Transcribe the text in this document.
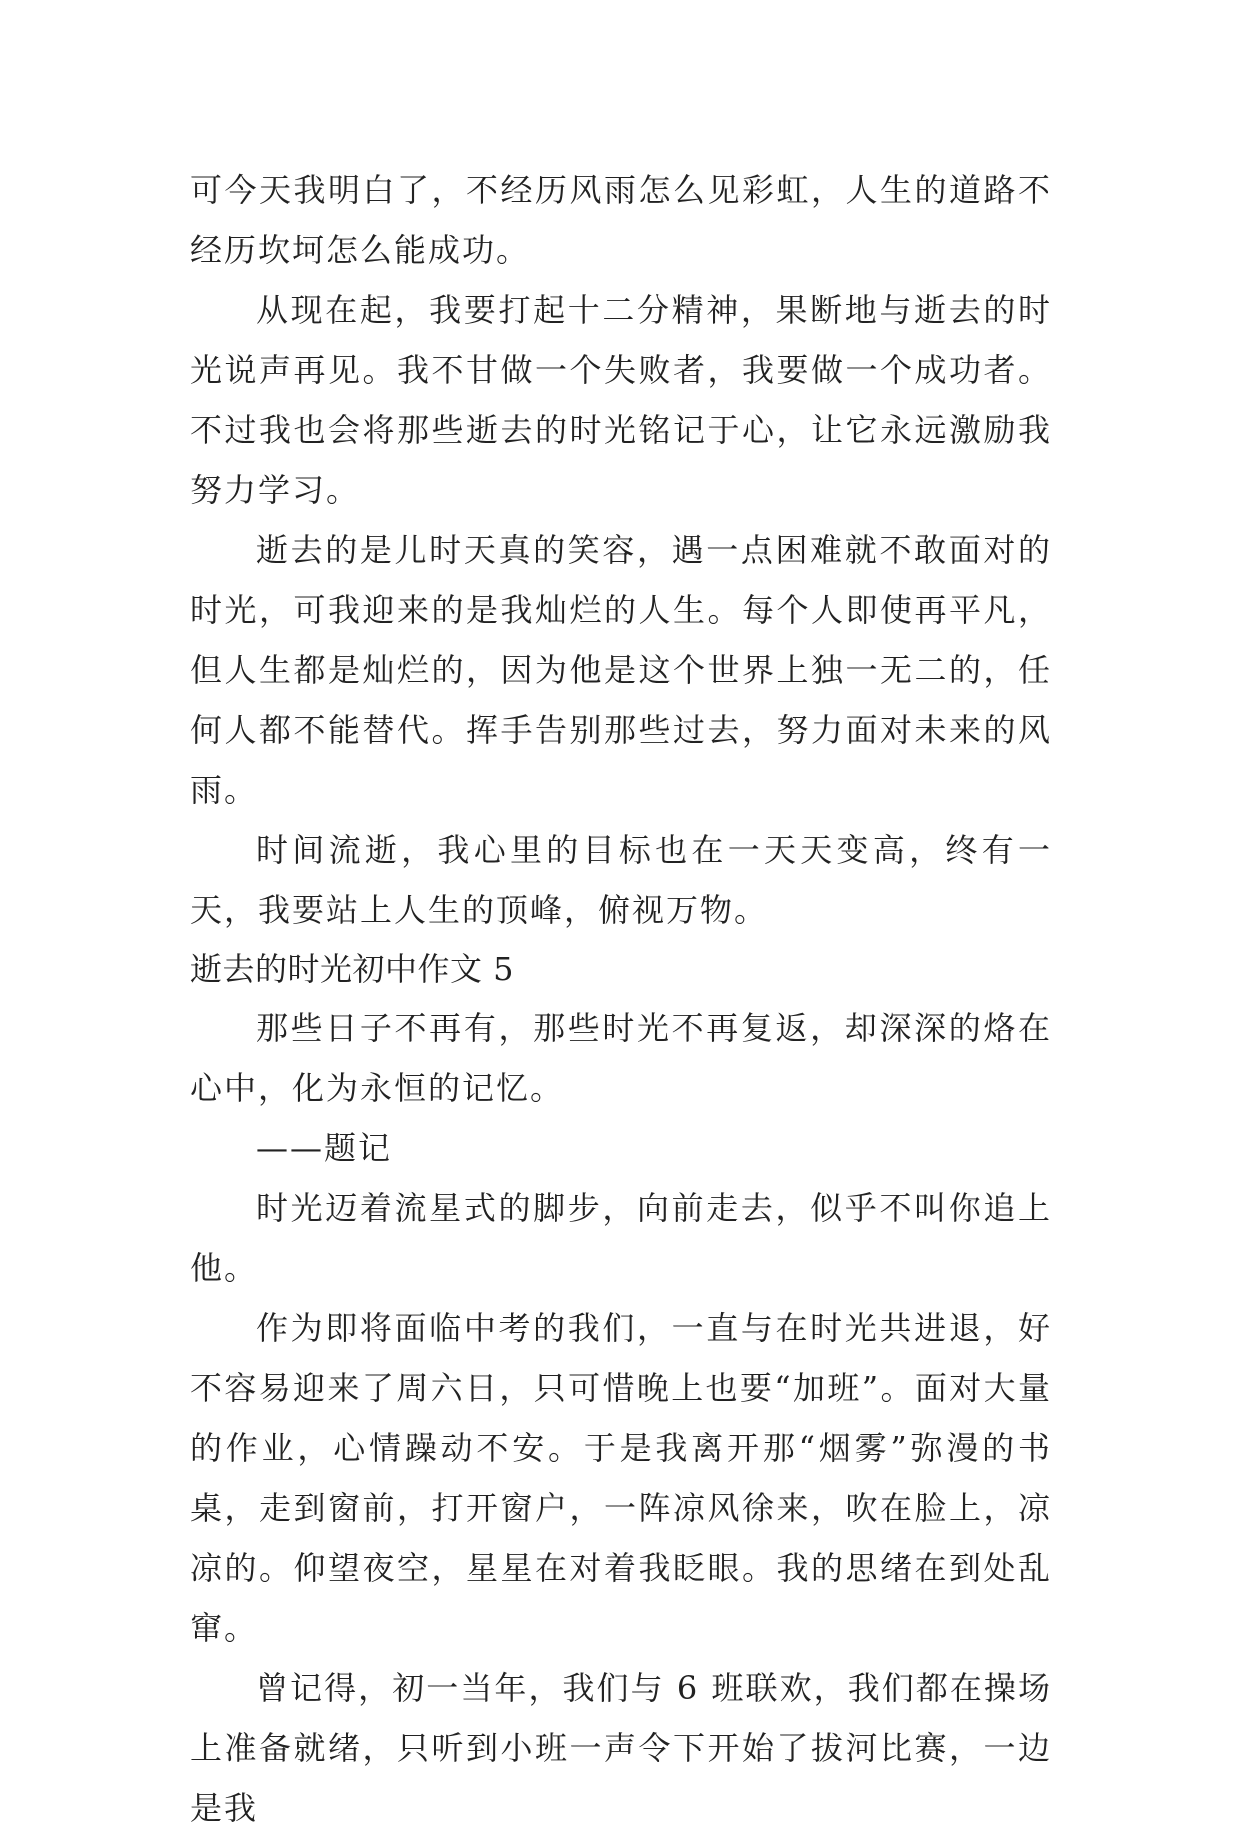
可今天我明白了，不经历风雨怎么见彩虹，人生的道路不经历坎坷怎么能成功。

从现在起，我要打起十二分精神，果断地与逝去的时光说声再见。我不甘做一个失败者，我要做一个成功者。不过我也会将那些逝去的时光铭记于心，让它永远激励我努力学习。

逝去的是儿时天真的笑容，遇一点困难就不敢面对的时光，可我迎来的是我灿烂的人生。每个人即使再平凡，但人生都是灿烂的，因为他是这个世界上独一无二的，任何人都不能替代。挥手告别那些过去，努力面对未来的风雨。

时间流逝，我心里的目标也在一天天变高，终有一天，我要站上人生的顶峰，俯视万物。

逝去的时光初中作文 5

那些日子不再有，那些时光不再复返，却深深的烙在心中，化为永恒的记忆。

——题记

时光迈着流星式的脚步，向前走去，似乎不叫你追上他。

作为即将面临中考的我们，一直与在时光共进退，好不容易迎来了周六日，只可惜晚上也要“加班”。面对大量的作业，心情躁动不安。于是我离开那“烟雾”弥漫的书桌，走到窗前，打开窗户，一阵凉风徐来，吹在脸上，凉凉的。仰望夜空，星星在对着我眨眼。我的思绪在到处乱窜。

曾记得，初一当年，我们与 6 班联欢，我们都在操场上准备就绪，只听到小班一声令下开始了拔河比赛，一边是我
